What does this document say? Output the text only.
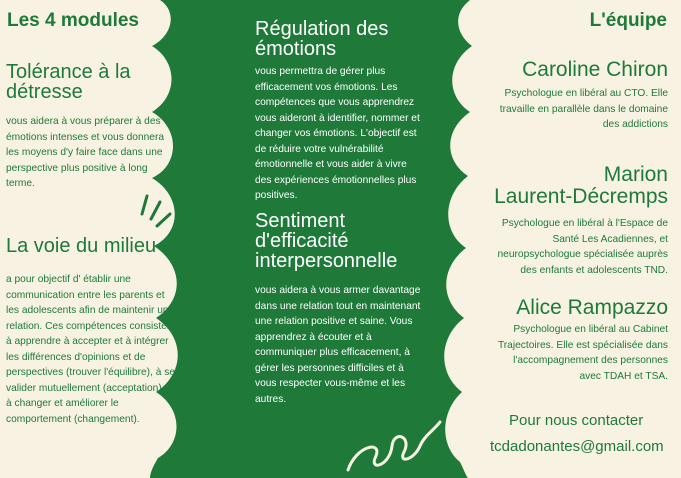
Les 4 modules
Tolérance à la détresse
vous aidera à vous préparer à des émotions intenses et vous donnera les moyens d'y faire face dans une perspective plus positive à long terme.
La voie du milieu
a pour objectif d' établir une communication entre les parents et les adolescents afin de maintenir une relation. Ces compétences consistent à apprendre à accepter et à intégrer les différences d'opinions et de perspectives (trouver l'équilibre), à se valider mutuellement (acceptation), et à changer et améliorer le comportement (changement).
Régulation des émotions
vous permettra de gérer plus efficacement vos émotions. Les compétences que vous apprendrez vous aideront à identifier, nommer et changer vos émotions. L'objectif est de réduire votre vulnérabilité émotionnelle et vous aider à vivre des expériences émotionnelles plus positives.
Sentiment d'efficacité interpersonnelle
vous aidera à vous armer davantage dans une relation tout en maintenant une relation positive et saine. Vous apprendrez à écouter et à communiquer plus efficacement, à gérer les personnes difficiles et à vous respecter vous-même et les autres.
L'équipe
Caroline Chiron
Psychologue en libéral au CTO. Elle travaille en parallèle dans le domaine des addictions
Marion
Laurent-Décremps
Psychologue en libéral à l'Espace de Santé Les Acadiennes, et neuropsychologue spécialisée auprès des enfants et adolescents TND.
Alice Rampazzo
Psychologue en libéral au Cabinet Trajectoires. Elle est spécialisée dans l'accompagnement des personnes avec TDAH et TSA.
Pour nous contacter
tcdadonantes@gmail.com
